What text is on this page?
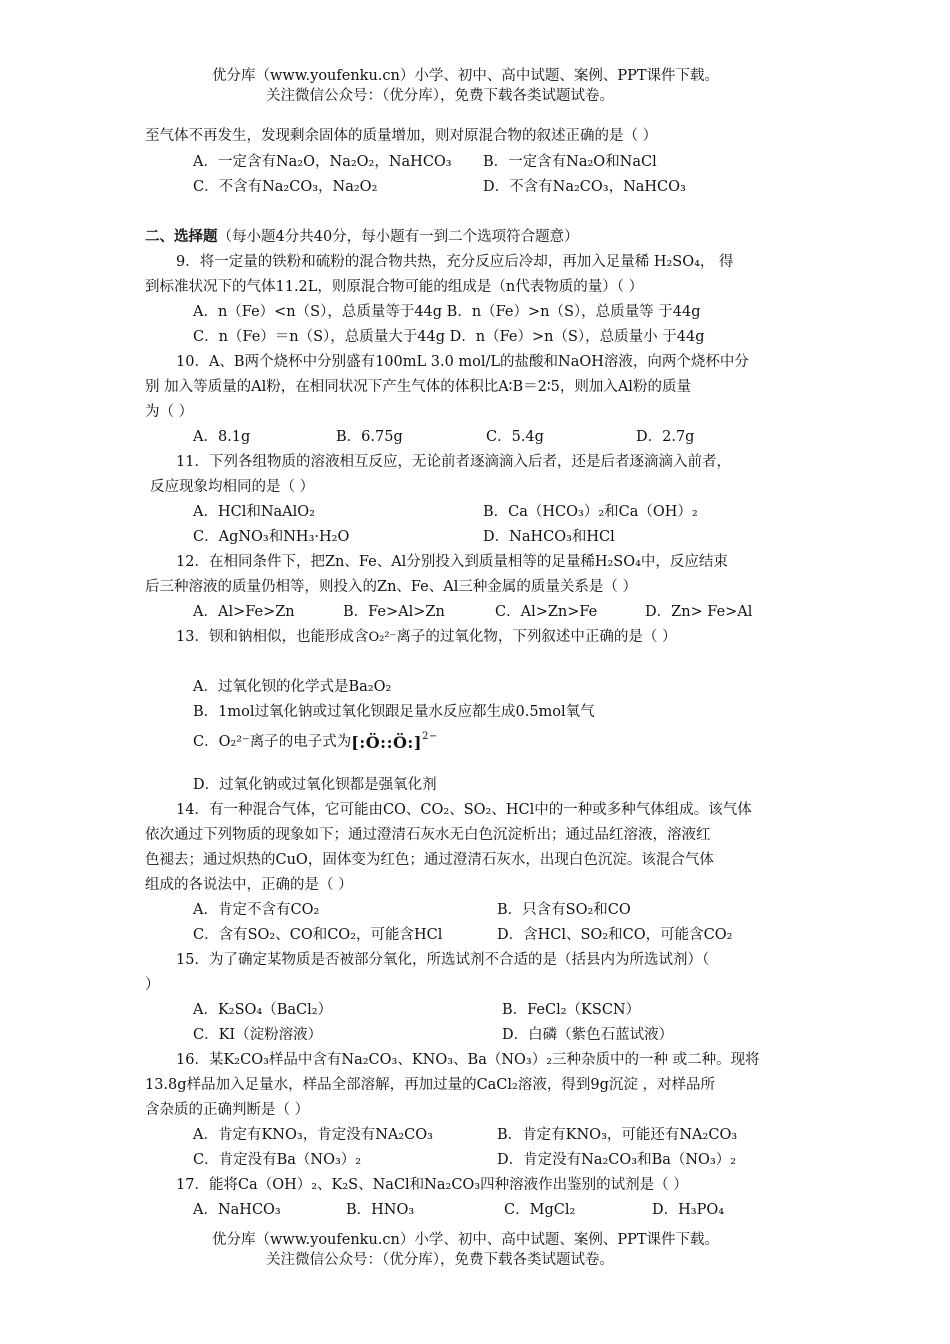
优分库（www.youfenku.cn）小学、初中、高中试题、案例、PPT课件下载。
关注微信公众号：（优分库），免费下载各类试题试卷。
至气体不再发生，发现剩余固体的质量增加，则对原混合物的叙述正确的是（ ）
A．一定含有Na₂O，Na₂O₂，NaHCO₃ B．一定含有Na₂O和NaCl
C．不含有Na₂CO₃，Na₂O₂	D．不含有Na₂CO₃，NaHCO₃
二、选择题（每小题4分共40分，每小题有一到二个选项符合题意）
9．将一定量的铁粉和硫粉的混合物共热，充分反应后冷却，再加入足量稀 H₂SO₄， 得
到标准状况下的气体11.2L，则原混合物可能的组成是（n代表物质的量）（ ）
A．n（Fe）<n（S），总质量等于44g B．n（Fe）>n（S），总质量等 于44g
C．n（Fe）＝n（S），总质量大于44g D．n（Fe）>n（S），总质量小 于44g
10．A、B两个烧杯中分别盛有100mL 3.0 mol/L的盐酸和NaOH溶液，向两个烧杯中分
别 加入等质量的Al粉，在相同状况下产生气体的体积比A∶B＝2∶5，则加入Al粉的质量
为（ ）
A．8.1g	B．6.75g	C．5.4g	D．2.7g
11．下列各组物质的溶液相互反应，无论前者逐滴滴入后者，还是后者逐滴滴入前者，
反应现象均相同的是（ ）
A．HCl和NaAlO₂	B．Ca（HCO₃）₂和Ca（OH）₂
C．AgNO₃和NH₃·H₂O	D．NaHCO₃和HCl
12．在相同条件下，把Zn、Fe、Al分别投入到质量相等的足量稀H₂SO₄中，反应结束
后三种溶液的质量仍相等，则投入的Zn、Fe、Al三种金属的质量关系是（ ）
A．Al>Fe>Zn	B．Fe>Al>Zn	C．Al>Zn>Fe	D．Zn> Fe>Al
13．钡和钠相似，也能形成含O₂²⁻离子的过氧化物，下列叙述中正确的是（ ）
A．过氧化钡的化学式是Ba₂O₂
B．1mol过氧化钠或过氧化钡跟足量水反应都生成0.5mol氧气
C．O₂²⁻离子的电子式为[:Ö::Ö:] 2−
D．过氧化钠或过氧化钡都是强氧化剂
14．有一种混合气体，它可能由CO、CO₂、SO₂、HCl中的一种或多种气体组成。该气体
依次通过下列物质的现象如下；通过澄清石灰水无白色沉淀析出；通过品红溶液，溶液红
色褪去；通过炽热的CuO，固体变为红色；通过澄清石灰水，出现白色沉淀。该混合气体
组成的各说法中，正确的是（ ）
A．肯定不含有CO₂	B．只含有SO₂和CO
C．含有SO₂、CO和CO₂，可能含HCl	D．含HCl、SO₂和CO，可能含CO₂
15．为了确定某物质是否被部分氧化，所选试剂不合适的是（括县内为所选试剂）（
）
A．K₂SO₄（BaCl₂）	B．FeCl₂（KSCN）
C．KI（淀粉溶液）	D．白磷（紫色石蓝试液）
16．某K₂CO₃样品中含有Na₂CO₃、KNO₃、Ba（NO₃）₂三种杂质中的一种 或二种。现将
13.8g样品加入足量水，样品全部溶解，再加过量的CaCl₂溶液，得到9g沉淀 ，对样品所
含杂质的正确判断是（ ）
A．肯定有KNO₃，肯定没有NA₂CO₃	B．肯定有KNO₃，可能还有NA₂CO₃
C．肯定没有Ba（NO₃）₂	D．肯定没有Na₂CO₃和Ba（NO₃）₂
17．能将Ca（OH）₂、K₂S、NaCl和Na₂CO₃四种溶液作出鉴别的试剂是（ ）
A．NaHCO₃	B．HNO₃	C．MgCl₂	D．H₃PO₄
优分库（www.youfenku.cn）小学、初中、高中试题、案例、PPT课件下载。
关注微信公众号：（优分库），免费下载各类试题试卷。
